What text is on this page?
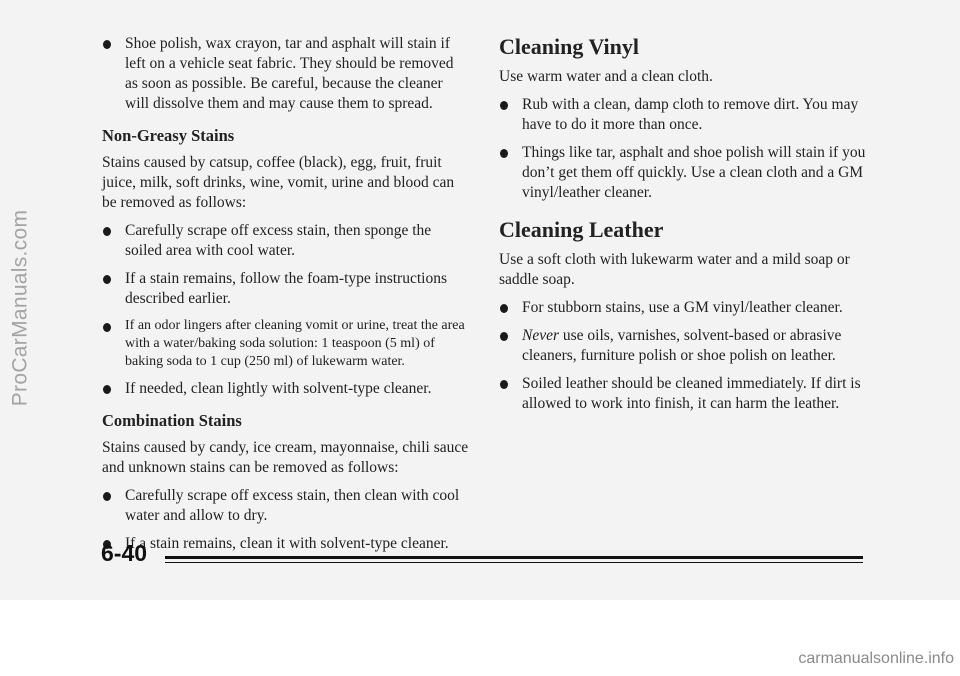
ProCarManuals.com

Shoe polish, wax crayon, tar and asphalt will stain if left on a vehicle seat fabric. They should be removed as soon as possible. Be careful, because the cleaner will dissolve them and may cause them to spread.

Non-Greasy Stains

Stains caused by catsup, coffee (black), egg, fruit, fruit juice, milk, soft drinks, wine, vomit, urine and blood can be removed as follows:

Carefully scrape off excess stain, then sponge the soiled area with cool water.

If a stain remains, follow the foam-type instructions described earlier.

If an odor lingers after cleaning vomit or urine, treat the area with a water/baking soda solution: 1 teaspoon (5 ml) of baking soda to 1 cup (250 ml) of lukewarm water.

If needed, clean lightly with solvent-type cleaner.

Combination Stains

Stains caused by candy, ice cream, mayonnaise, chili sauce and unknown stains can be removed as follows:

Carefully scrape off excess stain, then clean with cool water and allow to dry.

If a stain remains, clean it with solvent-type cleaner.

Cleaning Vinyl

Use warm water and a clean cloth.

Rub with a clean, damp cloth to remove dirt. You may have to do it more than once.

Things like tar, asphalt and shoe polish will stain if you don’t get them off quickly. Use a clean cloth and a GM vinyl/leather cleaner.

Cleaning Leather

Use a soft cloth with lukewarm water and a mild soap or saddle soap.

For stubborn stains, use a GM vinyl/leather cleaner.

Never use oils, varnishes, solvent-based or abrasive cleaners, furniture polish or shoe polish on leather.

Soiled leather should be cleaned immediately. If dirt is allowed to work into finish, it can harm the leather.

6-40
carmanualsonline.info
